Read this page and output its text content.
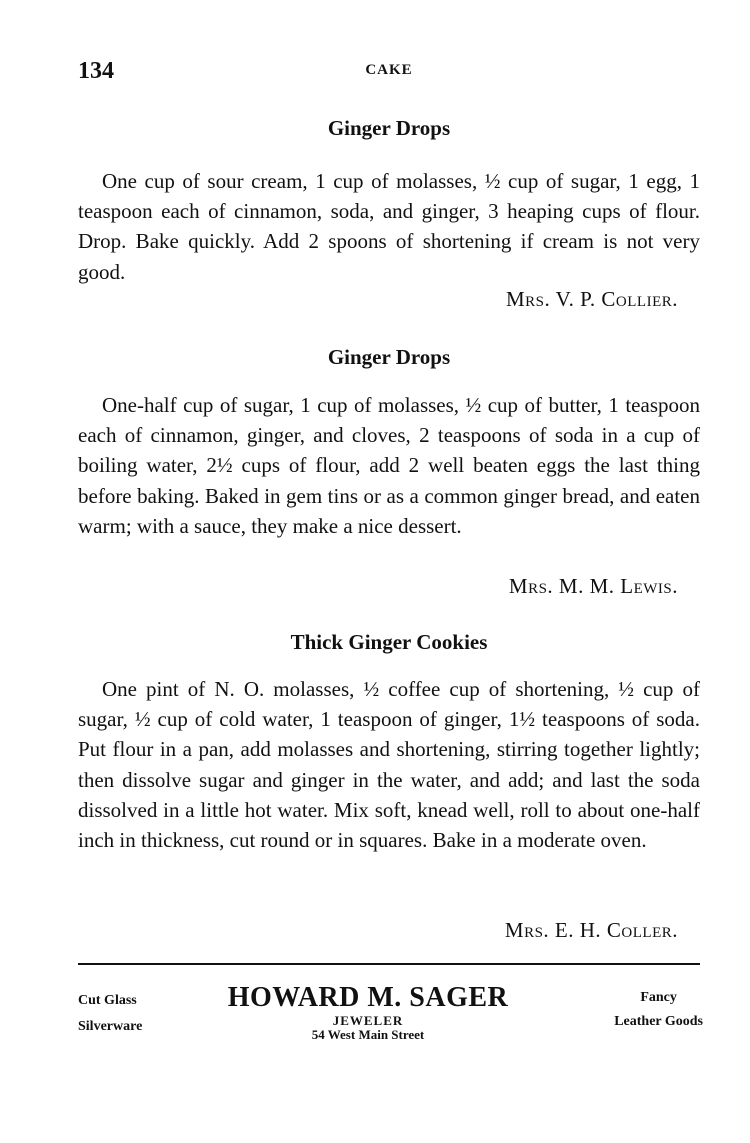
134	CAKE
Ginger Drops

One cup of sour cream, 1 cup of molasses, ½ cup of sugar, 1 egg, 1 teaspoon each of cinnamon, soda, and ginger, 3 heaping cups of flour. Drop. Bake quickly. Add 2 spoons of shortening if cream is not very good.

Mrs. V. P. Collier.
Ginger Drops

One-half cup of sugar, 1 cup of molasses, ½ cup of butter, 1 teaspoon each of cinnamon, ginger, and cloves, 2 teaspoons of soda in a cup of boiling water, 2½ cups of flour, add 2 well beaten eggs the last thing before baking. Baked in gem tins or as a common ginger bread, and eaten warm; with a sauce, they make a nice dessert.

Mrs. M. M. Lewis.
Thick Ginger Cookies

One pint of N. O. molasses, ½ coffee cup of shortening, ½ cup of sugar, ½ cup of cold water, 1 teaspoon of ginger, 1½ teaspoons of soda. Put flour in a pan, add molasses and shortening, stirring together lightly; then dissolve sugar and ginger in the water, and add; and last the soda dissolved in a little hot water. Mix soft, knead well, roll to about one-half inch in thickness, cut round or in squares. Bake in a moderate oven.

Mrs. E. H. Coller.
Cut Glass
Silverware
HOWARD M. SAGER
JEWELER
54 West Main Street
Fancy
Leather Goods
